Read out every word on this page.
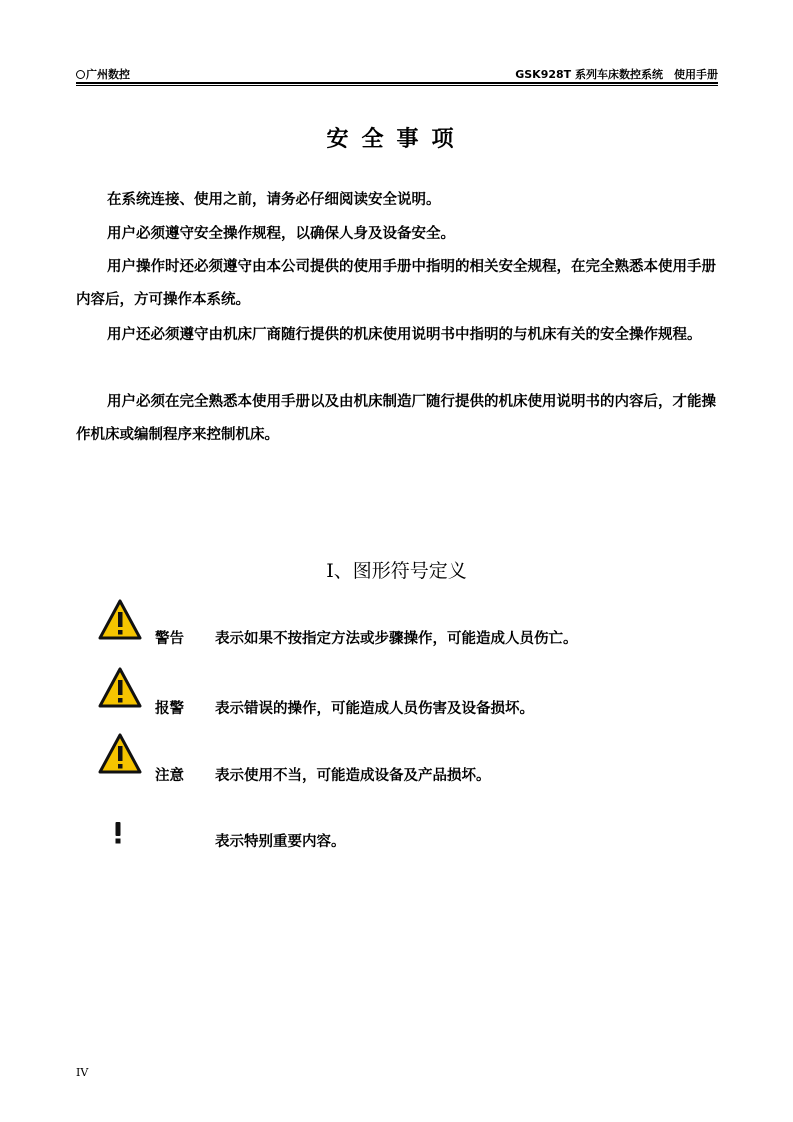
广州数控	GSK928T 系列车床数控系统　使用手册
安全事项
在系统连接、使用之前，请务必仔细阅读安全说明。
用户必须遵守安全操作规程，以确保人身及设备安全。
用户操作时还必须遵守由本公司提供的使用手册中指明的相关安全规程，在完全熟悉本使用手册内容后，方可操作本系统。
用户还必须遵守由机床厂商随行提供的机床使用说明书中指明的与机床有关的安全操作规程。
用户必须在完全熟悉本使用手册以及由机床制造厂随行提供的机床使用说明书的内容后，才能操作机床或编制程序来控制机床。
Ⅰ、图形符号定义
警告 表示如果不按指定方法或步骤操作，可能造成人员伤亡。
报警 表示错误的操作，可能造成人员伤害及设备损坏。
注意 表示使用不当，可能造成设备及产品损坏。
表示特别重要内容。
IV
